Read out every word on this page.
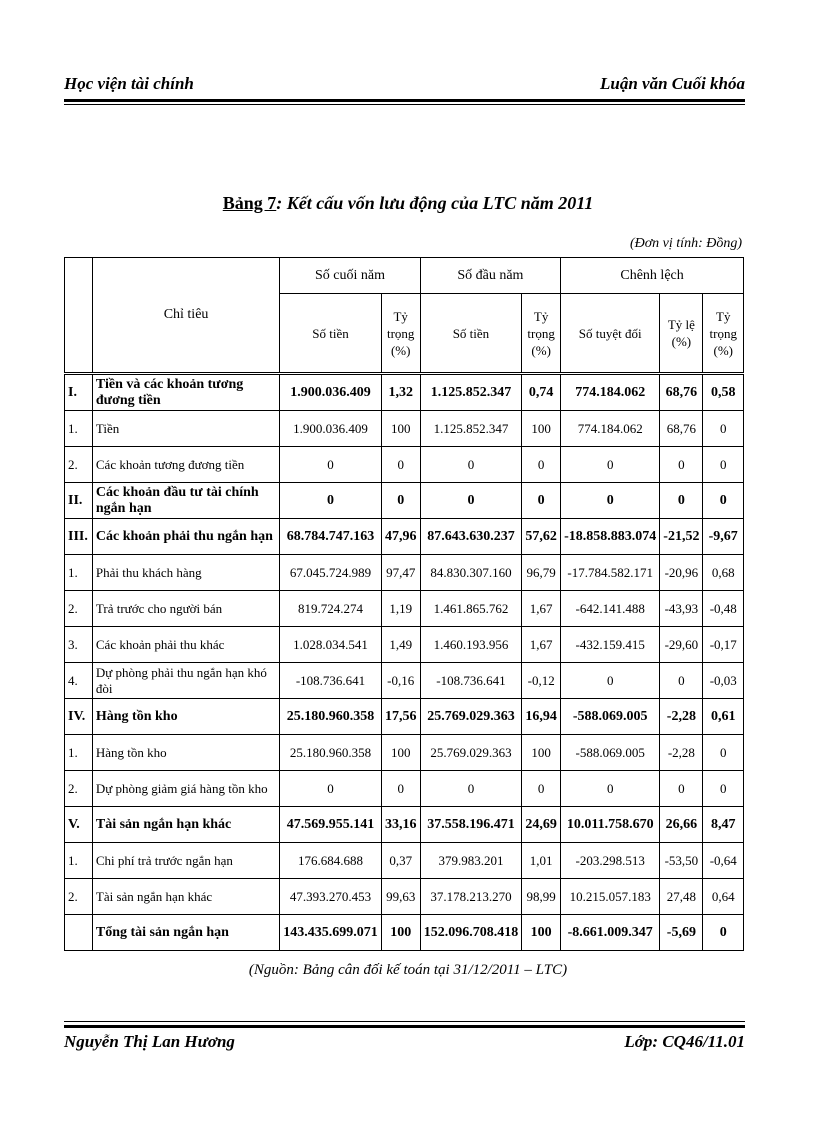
Học viện tài chính	Luận văn Cuối khóa
Bảng 7: Kết cấu vốn lưu động của LTC năm 2011
(Đơn vị tính: Đồng)
	Chỉ tiêu	Số cuối năm		Số đầu năm		Chênh lệch		
		Số tiền	Tỷ trọng (%)	Số tiền	Tỷ trọng (%)	Số tuyệt đối	Tỷ lệ (%)	Tỷ trọng (%)
I.	Tiền và các khoản tương đương tiền	1.900.036.409	1,32	1.125.852.347	0,74	774.184.062	68,76	0,58
1.	Tiền	1.900.036.409	100	1.125.852.347	100	774.184.062	68,76	0
2.	Các khoản tương đương tiền	0	0	0	0	0	0	0
II.	Các khoản đầu tư tài chính ngắn hạn	0	0	0	0	0	0	0
III.	Các khoản phải thu ngắn hạn	68.784.747.163	47,96	87.643.630.237	57,62	-18.858.883.074	-21,52	-9,67
1.	Phải thu khách hàng	67.045.724.989	97,47	84.830.307.160	96,79	-17.784.582.171	-20,96	0,68
2.	Trả trước cho người bán	819.724.274	1,19	1.461.865.762	1,67	-642.141.488	-43,93	-0,48
3.	Các khoản phải thu khác	1.028.034.541	1,49	1.460.193.956	1,67	-432.159.415	-29,60	-0,17
4.	Dự phòng phải thu ngắn hạn khó đòi	-108.736.641	-0,16	-108.736.641	-0,12	0	0	-0,03
IV.	Hàng tồn kho	25.180.960.358	17,56	25.769.029.363	16,94	-588.069.005	-2,28	0,61
1.	Hàng tồn kho	25.180.960.358	100	25.769.029.363	100	-588.069.005	-2,28	0
2.	Dự phòng giảm giá hàng tồn kho	0	0	0	0	0	0	0
V.	Tài sản ngắn hạn khác	47.569.955.141	33,16	37.558.196.471	24,69	10.011.758.670	26,66	8,47
1.	Chi phí trả trước ngắn hạn	176.684.688	0,37	379.983.201	1,01	-203.298.513	-53,50	-0,64
2.	Tài sản ngắn hạn khác	47.393.270.453	99,63	37.178.213.270	98,99	10.215.057.183	27,48	0,64
	Tổng tài sản ngắn hạn	143.435.699.071	100	152.096.708.418	100	-8.661.009.347	-5,69	0
(Nguồn: Bảng cân đối kế toán tại 31/12/2011 – LTC)
Nguyễn Thị Lan Hương	Lớp: CQ46/11.01
